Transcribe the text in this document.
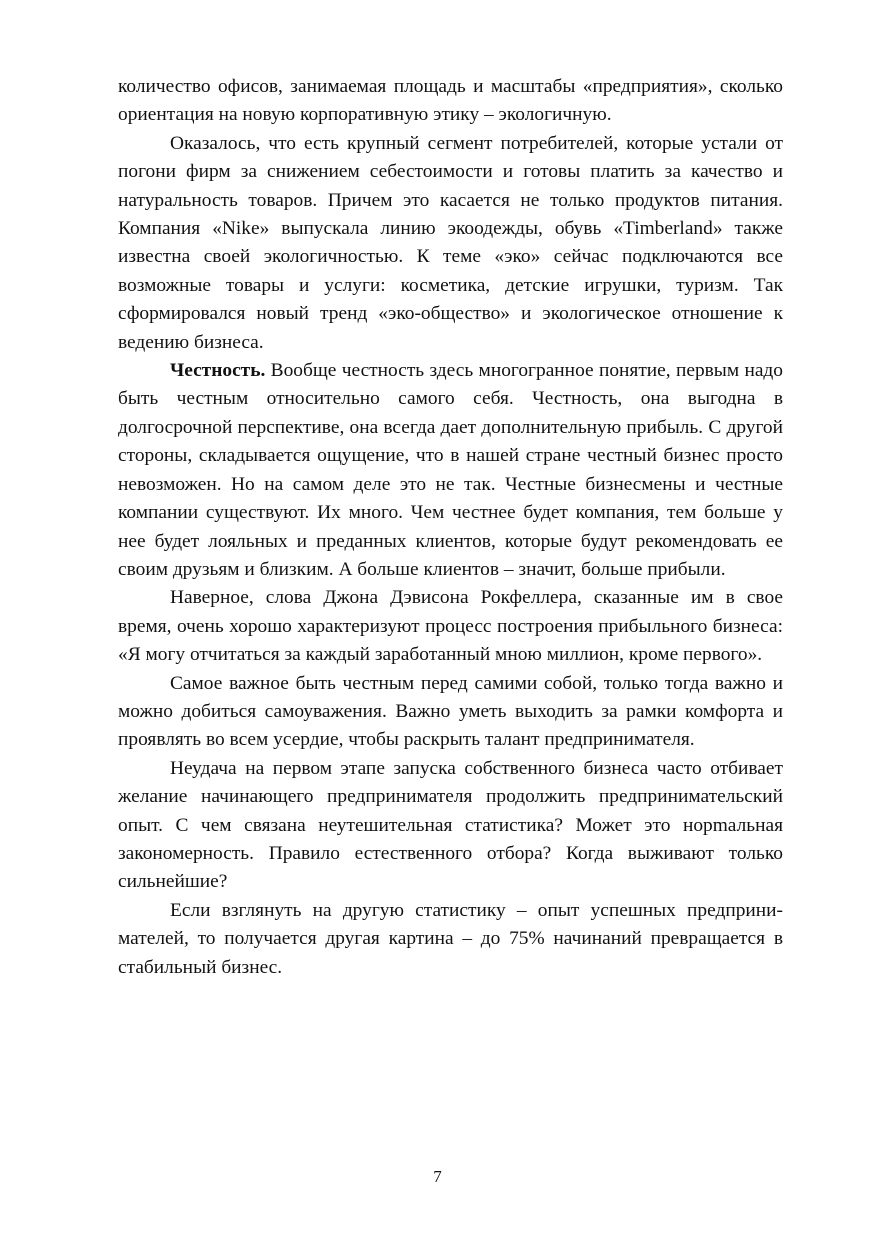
количество офисов, занимаемая площадь и масштабы «предприятия», сколько ориентация на новую корпоративную этику – экологичную.

Оказалось, что есть крупный сегмент потребителей, которые устали от погони фирм за снижением себестоимости и готовы платить за качество и натуральность товаров. Причем это касается не только продуктов питания. Компания «Nike» выпускала линию экоодежды, обувь «Timberland» также известна своей экологичностью. К теме «эко» сейчас подключаются все возможные товары и услуги: косметика, детские игрушки, туризм. Так сформировался новый тренд «эко-общество» и экологическое отношение к ведению бизнеса.

Честность. Вообще честность здесь многогранное понятие, первым надо быть честным относительно самого себя. Честность, она выгодна в долгосрочной перспективе, она всегда дает дополнительную прибыль. С другой стороны, складывается ощущение, что в нашей стране честный бизнес просто невозможен. Но на самом деле это не так. Честные бизнесмены и честные компании существуют. Их много. Чем честнее будет компания, тем больше у нее будет лояльных и преданных клиентов, которые будут рекомендовать ее своим друзьям и близким. А больше клиентов – значит, больше прибыли.

Наверное, слова Джона Дэвисона Рокфеллера, сказанные им в свое время, очень хорошо характеризуют процесс построения прибыльного бизнеса: «Я могу отчитаться за каждый заработанный мною миллион, кроме первого».

Самое важное быть честным перед самими собой, только тогда важно и можно добиться самоуважения. Важно уметь выходить за рамки комфорта и проявлять во всем усердие, чтобы раскрыть талант предпринимателя.

Неудача на первом этапе запуска собственного бизнеса часто отбивает желание начинающего предпринимателя продолжить предпринимательский опыт. С чем связана неутешительная статистика? Может это норmальная закономерность. Правило естественного отбора? Когда выживают только сильнейшие?

Если взглянуть на другую статистику – опыт успешных предпринимателей, то получается другая картина – до 75% начинаний превращается в стабильный бизнес.

7
